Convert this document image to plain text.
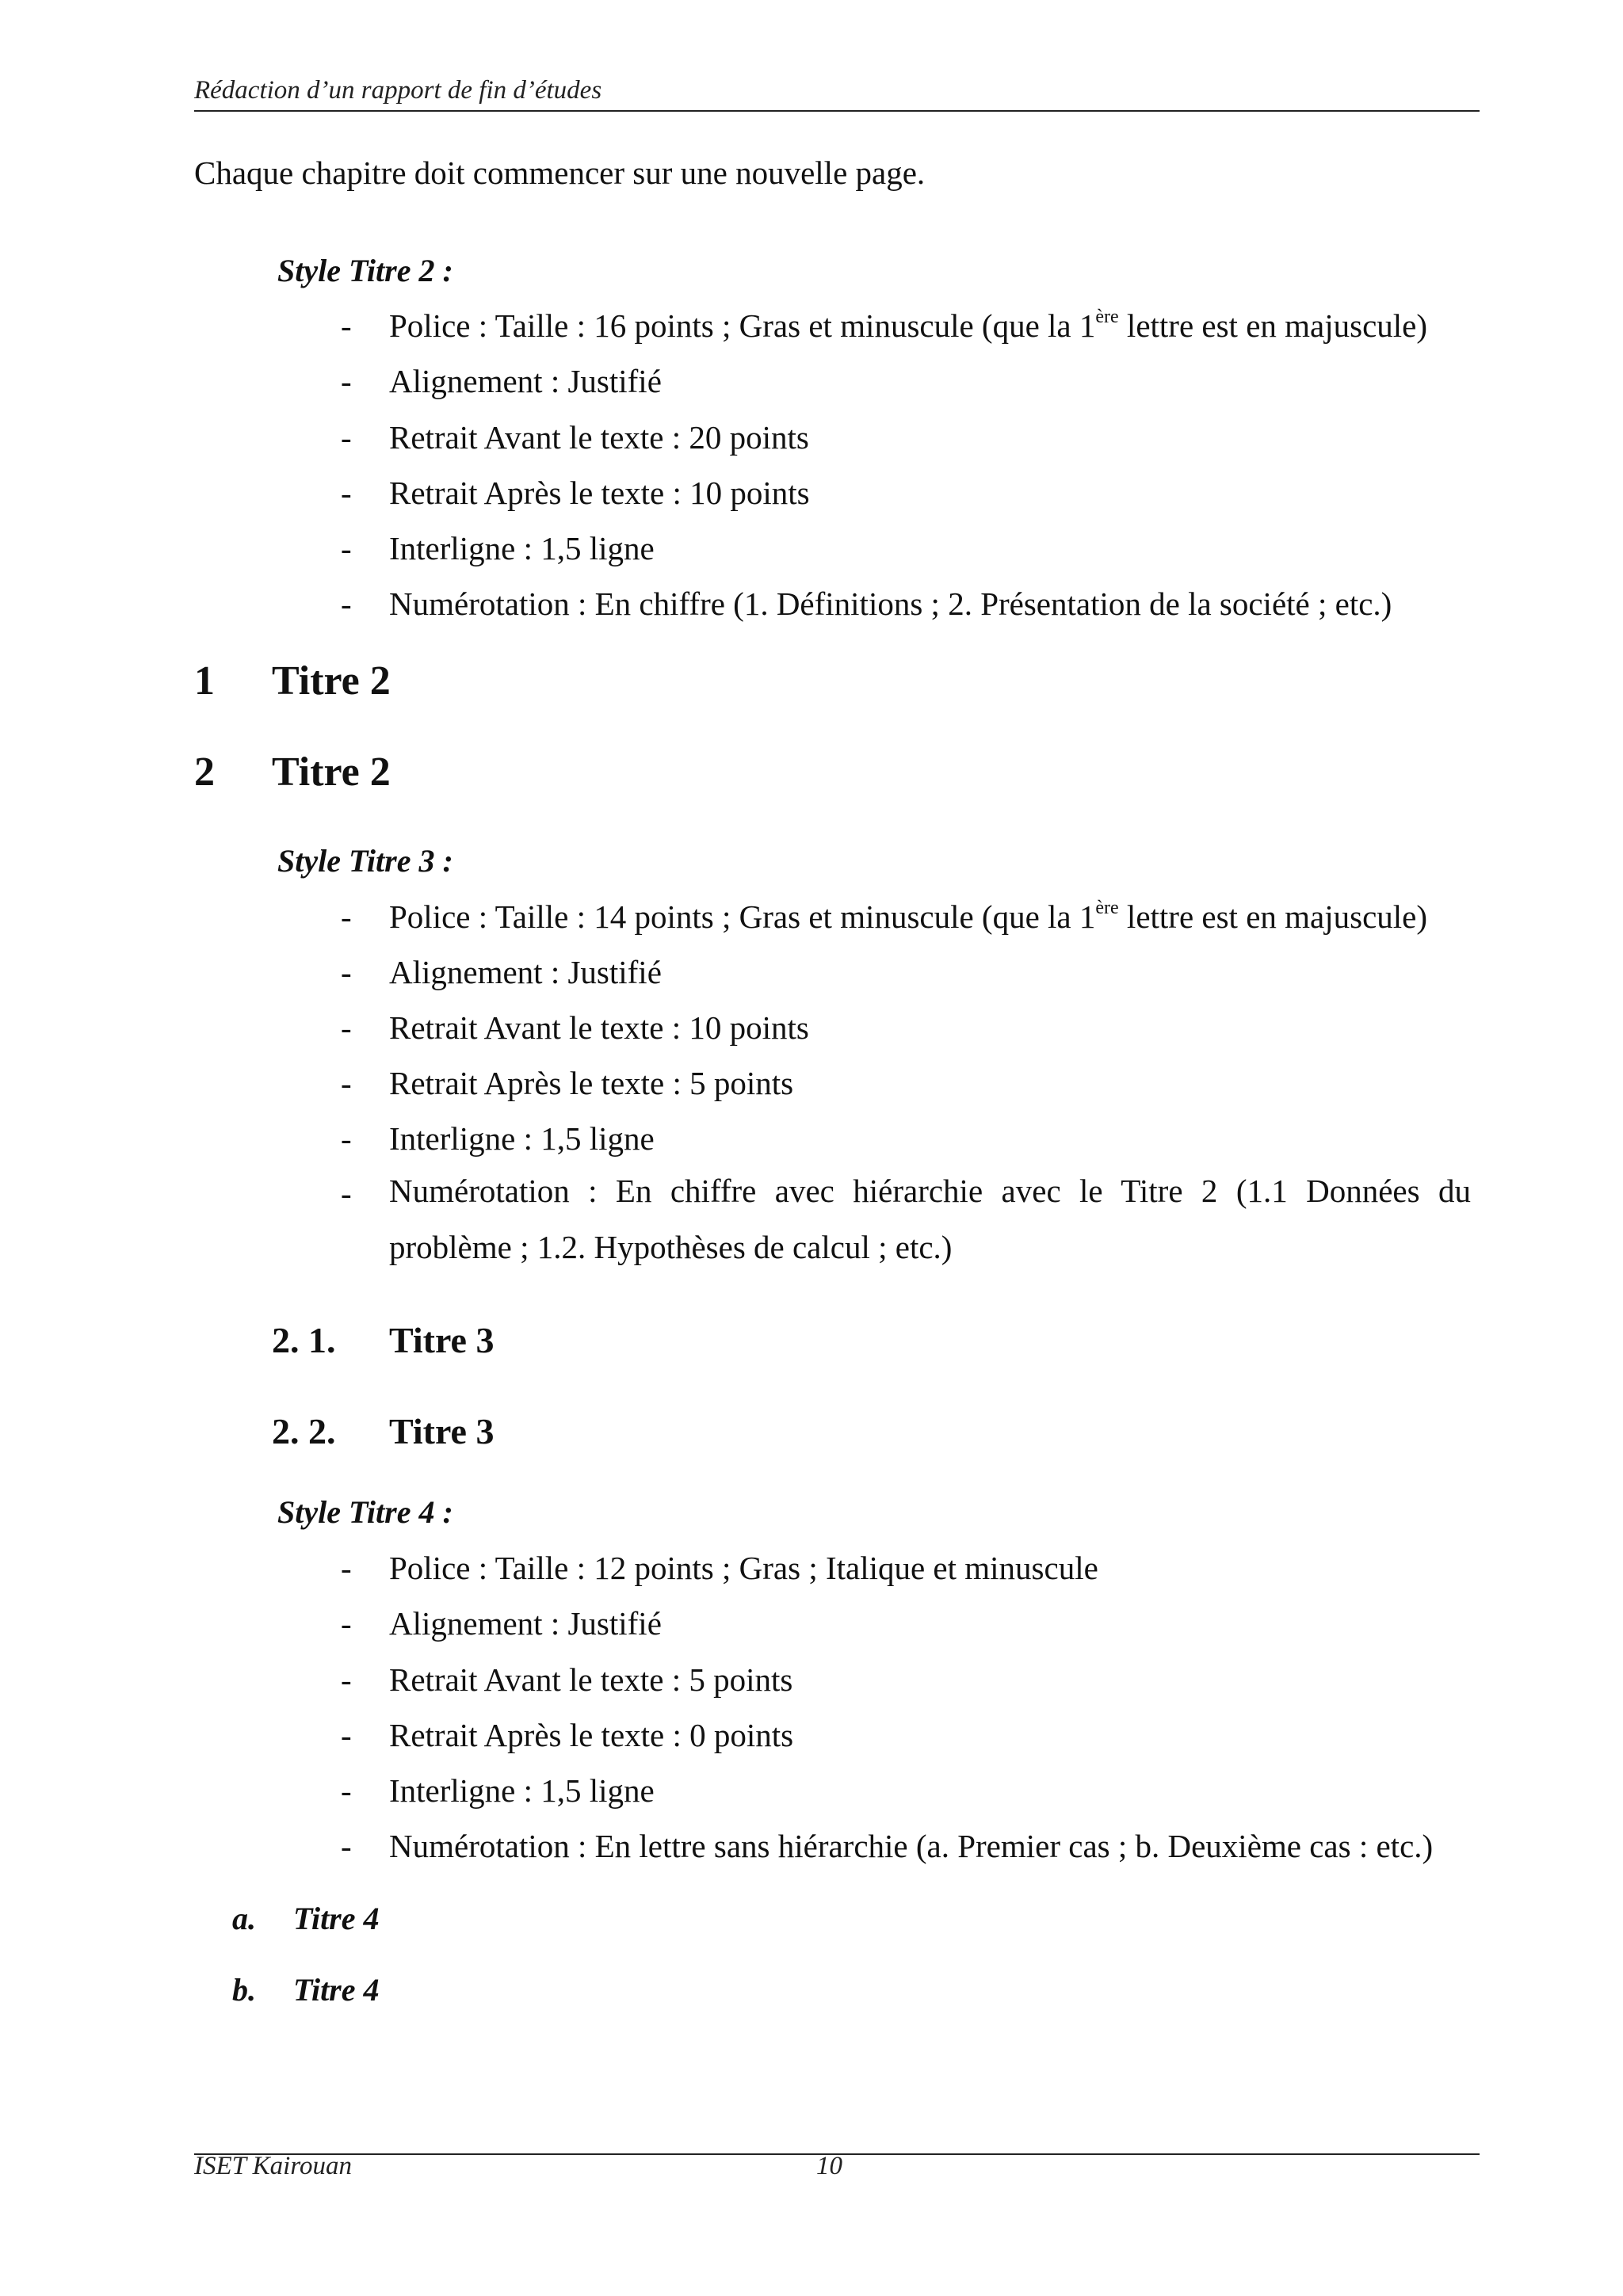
Rédaction d’un rapport de fin d’études
Chaque chapitre doit commencer sur une nouvelle page.
Style Titre 2 :
- Police : Taille : 16 points ; Gras et minuscule (que la 1ère lettre est en majuscule)
- Alignement : Justifié
- Retrait Avant le texte : 20 points
- Retrait Après le texte : 10 points
- Interligne : 1,5 ligne
- Numérotation : En chiffre (1. Définitions ; 2. Présentation de la société ; etc.)
1 Titre 2
2 Titre 2
Style Titre 3 :
- Police : Taille : 14 points ; Gras et minuscule (que la 1ère lettre est en majuscule)
- Alignement : Justifié
- Retrait Avant le texte : 10 points
- Retrait Après le texte : 5 points
- Interligne : 1,5 ligne
- Numérotation : En chiffre avec hiérarchie avec le Titre 2 (1.1 Données du problème ; 1.2. Hypothèses de calcul ; etc.)
2. 1. Titre 3
2. 2. Titre 3
Style Titre 4 :
- Police : Taille : 12 points ; Gras ; Italique et minuscule
- Alignement : Justifié
- Retrait Avant le texte : 5 points
- Retrait Après le texte : 0 points
- Interligne : 1,5 ligne
- Numérotation : En lettre sans hiérarchie (a. Premier cas ; b. Deuxième cas : etc.)
a. Titre 4
b. Titre 4
ISET Kairouan	10
